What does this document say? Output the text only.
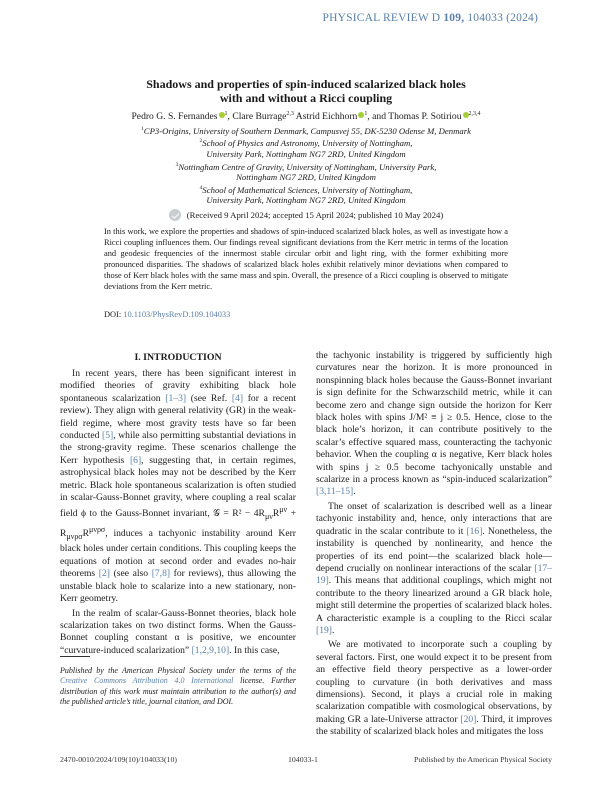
PHYSICAL REVIEW D 109, 104033 (2024)
Shadows and properties of spin-induced scalarized black holes
with and without a Ricci coupling
Pedro G. S. Fernandes $^1$, Clare Burrage$^{2,3}$ Astrid Eichhorn $^1$, and Thomas P. Sotiriou $^{2,3,4}$
$^1$CP3-Origins, University of Southern Denmark, Campusvej 55, DK-5230 Odense M, Denmark
$^2$School of Physics and Astronomy, University of Nottingham,
University Park, Nottingham NG7 2RD, United Kingdom
$^3$Nottingham Centre of Gravity, University of Nottingham, University Park,
Nottingham NG7 2RD, United Kingdom
$^4$School of Mathematical Sciences, University of Nottingham,
University Park, Nottingham NG7 2RD, United Kingdom
(Received 9 April 2024; accepted 15 April 2024; published 10 May 2024)
In this work, we explore the properties and shadows of spin-induced scalarized black holes, as well as investigate how a Ricci coupling influences them. Our findings reveal significant deviations from the Kerr metric in terms of the location and geodesic frequencies of the innermost stable circular orbit and light ring, with the former exhibiting more pronounced disparities. The shadows of scalarized black holes exhibit relatively minor deviations when compared to those of Kerr black holes with the same mass and spin. Overall, the presence of a Ricci coupling is observed to mitigate deviations from the Kerr metric.
DOI: 10.1103/PhysRevD.109.104033
I. INTRODUCTION

In recent years, there has been significant interest in modified theories of gravity exhibiting black hole spontaneous scalarization [1–3] (see Ref. [4] for a recent review). They align with general relativity (GR) in the weak-field regime, where most gravity tests have so far been conducted [5], while also permitting substantial deviations in the strong-gravity regime. These scenarios challenge the Kerr hypothesis [6], suggesting that, in certain regimes, astrophysical black holes may not be described by the Kerr metric. Black hole spontaneous scalarization is often studied in scalar-Gauss-Bonnet gravity, where coupling a real scalar field ϕ to the Gauss-Bonnet invariant, 𝒢 = $R^2 - 4R_{\mu\nu}R^{\mu\nu} + R_{\mu\nu\rho\sigma}R^{\mu\nu\rho\sigma}$, induces a tachyonic instability around Kerr black holes under certain conditions. This coupling keeps the equations of motion at second order and evades no-hair theorems [2] (see also [7,8] for reviews), thus allowing the unstable black hole to scalarize into a new stationary, non-Kerr geometry.

In the realm of scalar-Gauss-Bonnet theories, black hole scalarization takes on two distinct forms. When the Gauss-Bonnet coupling constant α is positive, we encounter “curvature-induced scalarization” [1,2,9,10]. In this case,

the tachyonic instability is triggered by sufficiently high curvatures near the horizon. It is more pronounced in nonspinning black holes because the Gauss-Bonnet invariant is sign definite for the Schwarzschild metric, while it can become zero and change sign outside the horizon for Kerr black holes with spins J/M² ≡ j ≥ 0.5. Hence, close to the black hole’s horizon, it can contribute positively to the scalar’s effective squared mass, counteracting the tachyonic behavior. When the coupling α is negative, Kerr black holes with spins j ≥ 0.5 become tachyonically unstable and scalarize in a process known as “spin-induced scalarization” [3,11–15].

The onset of scalarization is described well as a linear tachyonic instability and, hence, only interactions that are quadratic in the scalar contribute to it [16]. Nonetheless, the instability is quenched by nonlinearity, and hence the properties of its end point—the scalarized black hole—depend crucially on nonlinear interactions of the scalar [17–19]. This means that additional couplings, which might not contribute to the theory linearized around a GR black hole, might still determine the properties of scalarized black holes. A characteristic example is a coupling to the Ricci scalar [19].

We are motivated to incorporate such a coupling by several factors. First, one would expect it to be present from an effective field theory perspective as a lower-order coupling to curvature (in both derivatives and mass dimensions). Second, it plays a crucial role in making scalarization compatible with cosmological observations, by making GR a late-Universe attractor [20]. Third, it improves the stability of scalarized black holes and mitigates the loss

Published by the American Physical Society under the terms of the Creative Commons Attribution 4.0 International license. Further distribution of this work must maintain attribution to the author(s) and the published article’s title, journal citation, and DOI.
2470-0010/2024/109(10)/104033(10)	104033-1	Published by the American Physical Society
